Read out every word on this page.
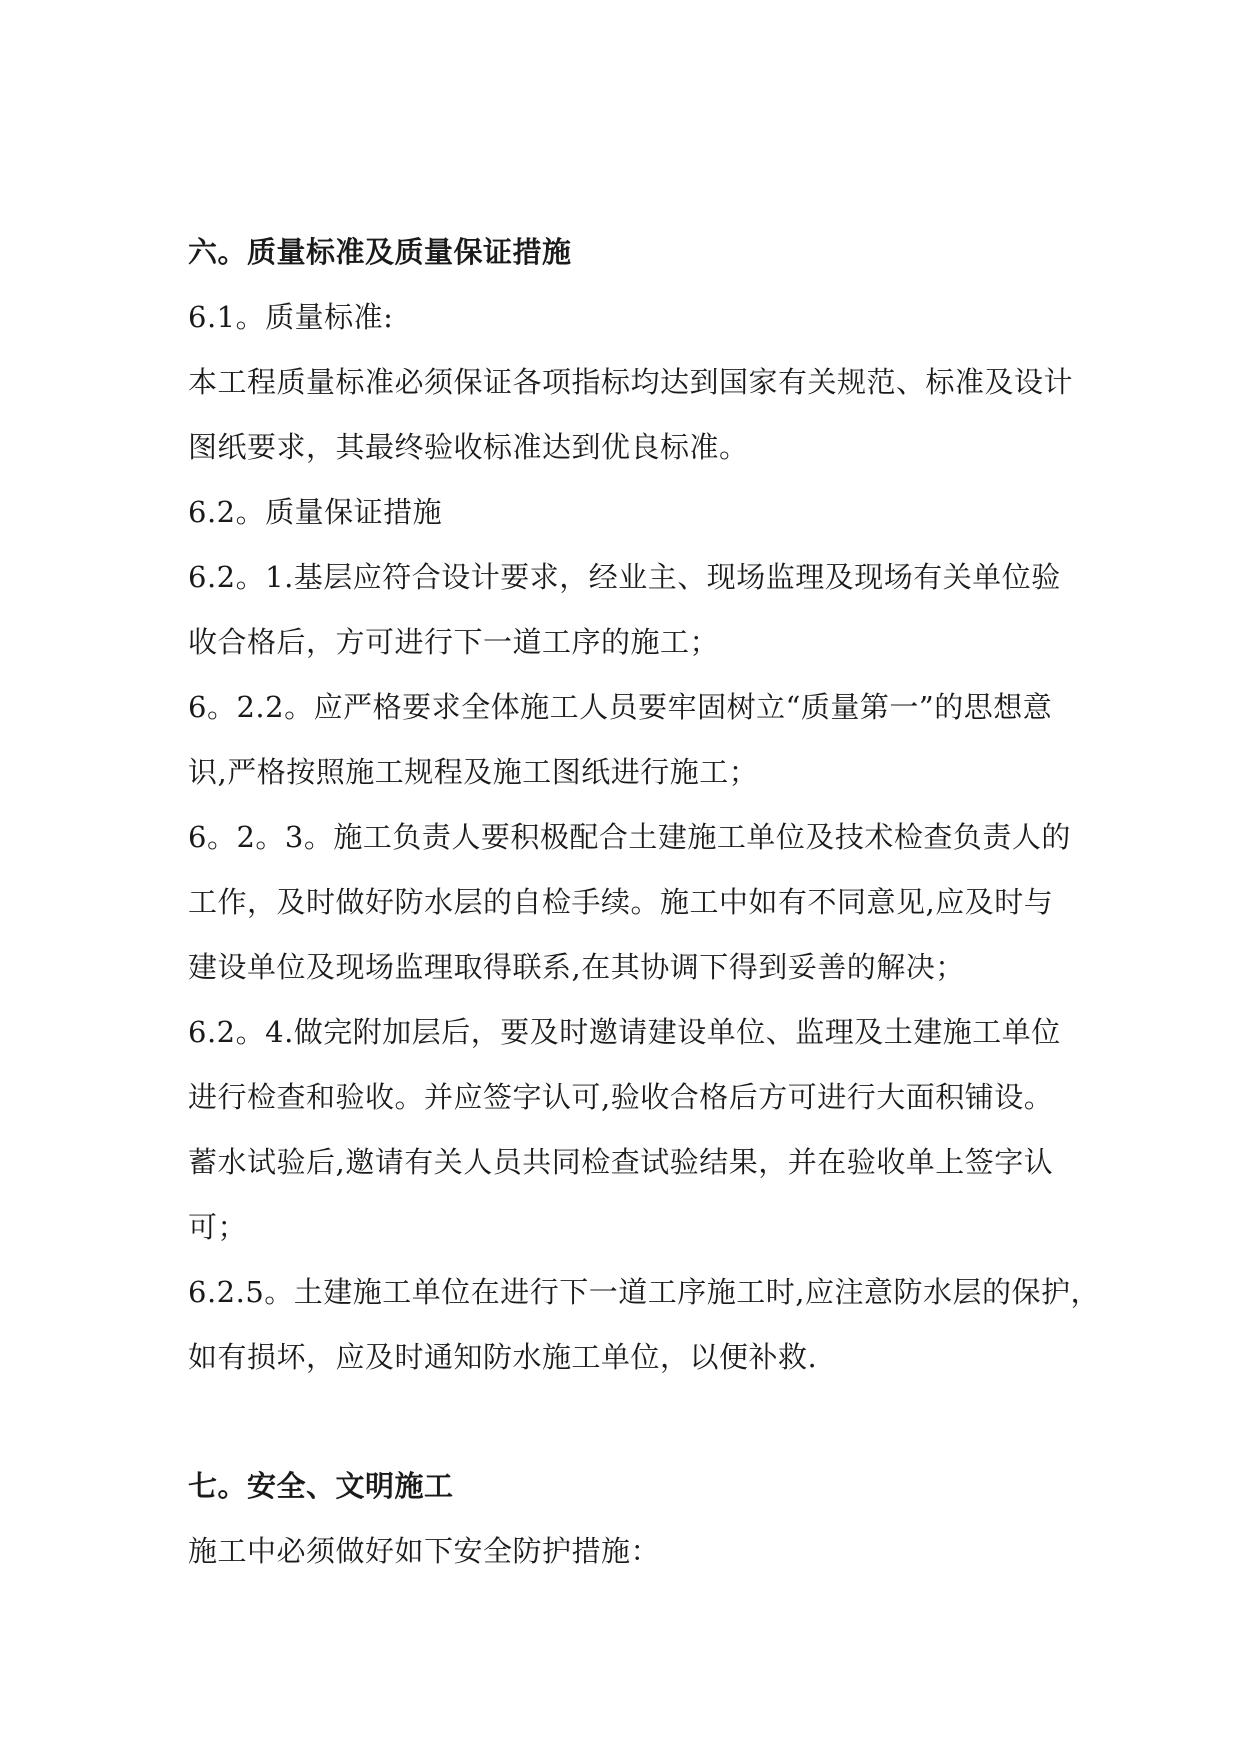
六。质量标准及质量保证措施
6.1。质量标准:
本工程质量标准必须保证各项指标均达到国家有关规范、标准及设计
图纸要求，其最终验收标准达到优良标准。
6.2。质量保证措施
6.2。1.基层应符合设计要求，经业主、现场监理及现场有关单位验
收合格后，方可进行下一道工序的施工；
6。2.2。应严格要求全体施工人员要牢固树立“质量第一”的思想意
识,严格按照施工规程及施工图纸进行施工；
6。2。3。施工负责人要积极配合土建施工单位及技术检查负责人的
工作，及时做好防水层的自检手续。施工中如有不同意见,应及时与
建设单位及现场监理取得联系,在其协调下得到妥善的解决；
6.2。4.做完附加层后，要及时邀请建设单位、监理及土建施工单位
进行检查和验收。并应签字认可,验收合格后方可进行大面积铺设。
蓄水试验后,邀请有关人员共同检查试验结果，并在验收单上签字认
可；
6.2.5。土建施工单位在进行下一道工序施工时,应注意防水层的保护，
如有损坏，应及时通知防水施工单位，以便补救.
七。安全、文明施工
施工中必须做好如下安全防护措施：
